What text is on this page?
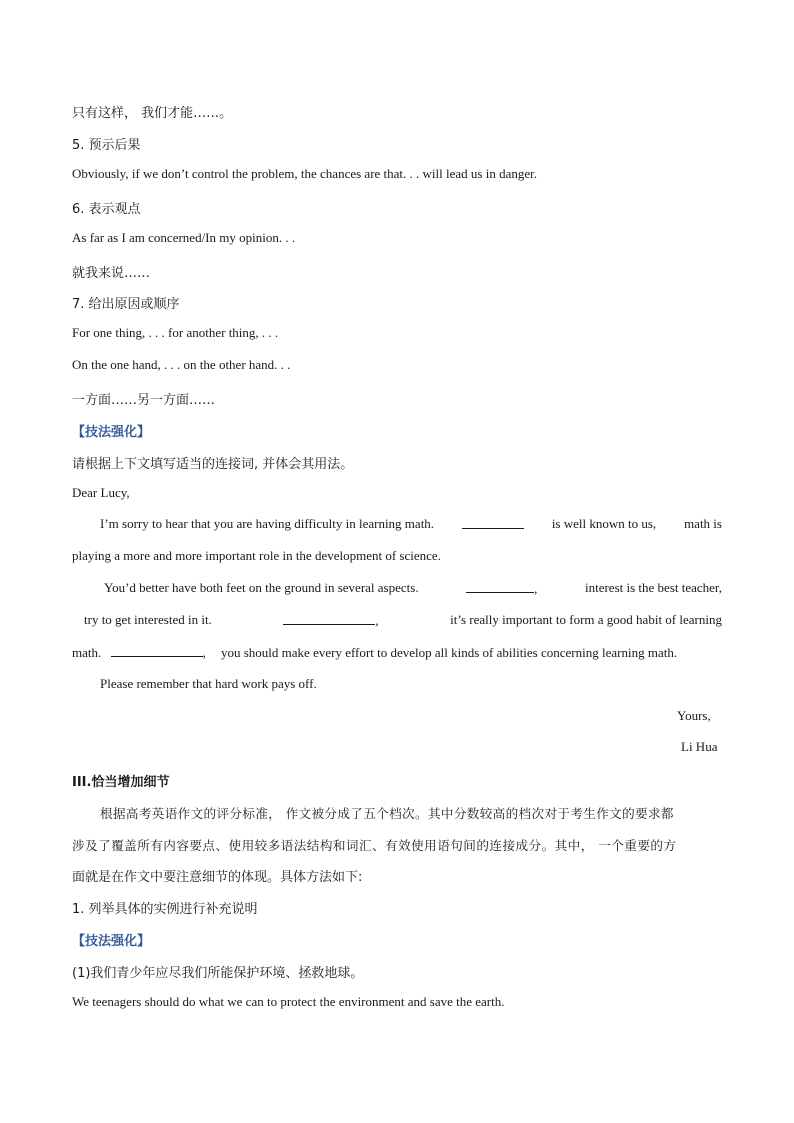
只有这样， 我们才能……。
5. 预示后果
Obviously, if we don’t control the problem, the chances are that. . . will lead us in danger.
6. 表示观点
As far as I am concerned/In my opinion. . .
就我来说……
7. 给出原因或顺序
For one thing, . . . for another thing, . . .
On the one hand, . . . on the other hand. . .
一方面……另一方面……
【技法强化】
请根据上下文填写适当的连接词, 并体会其用法。
Dear Lucy,
I’m sorry to hear that you are having difficulty in learning math.	is well known to us, math is
playing a more and more important role in the development of science.
You’d better have both feet on the ground in several aspects.	,	interest is the best teacher,
try to get interested in it.	,	it’s really important to form a good habit of learning
math.	, you should make every effort to develop all kinds of abilities concerning learning math.
Please remember that hard work pays off.
Yours,
Li Hua
III.恰当增加细节
根据高考英语作文的评分标准， 作文被分成了五个档次。其中分数较高的档次对于考生作文的要求都
涉及了覆盖所有内容要点、使用较多语法结构和词汇、有效使用语句间的连接成分。其中， 一个重要的方
面就是在作文中要注意细节的体现。具体方法如下:
1. 列举具体的实例进行补充说明
【技法强化】
(1)我们青少年应尽我们所能保护环境、拯救地球。
We teenagers should do what we can to protect the environment and save the earth.
